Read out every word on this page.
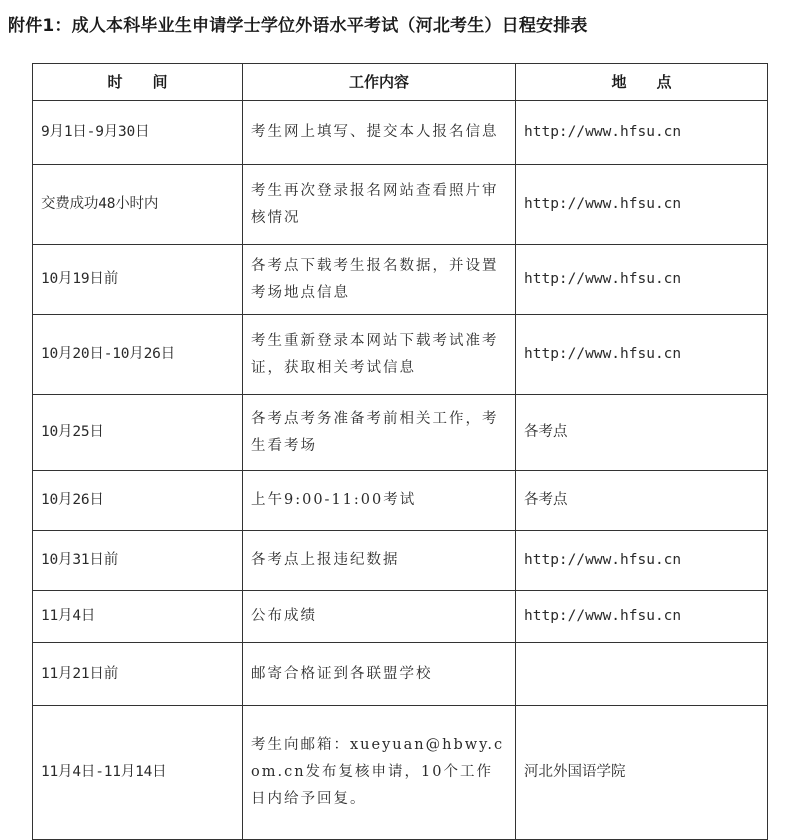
附件1：成人本科毕业生申请学士学位外语水平考试（河北考生）日程安排表
时　　间	工作内容	地　　点
9月1日-9月30日	考生网上填写、提交本人报名信息	http://www.hfsu.cn
交费成功48小时内	考生再次登录报名网站查看照片审核情况	http://www.hfsu.cn
10月19日前	各考点下载考生报名数据，并设置考场地点信息	http://www.hfsu.cn
10月20日-10月26日	考生重新登录本网站下载考试准考证，获取相关考试信息	http://www.hfsu.cn
10月25日	各考点考务准备考前相关工作，考生看考场	各考点
10月26日	上午9:00-11:00考试	各考点
10月31日前	各考点上报违纪数据	http://www.hfsu.cn
11月4日	公布成绩	http://www.hfsu.cn
11月21日前	邮寄合格证到各联盟学校	
11月4日-11月14日	考生向邮箱：xueyuan@hbwy.com.cn发布复核申请，10个工作日内给予回复。	河北外国语学院
